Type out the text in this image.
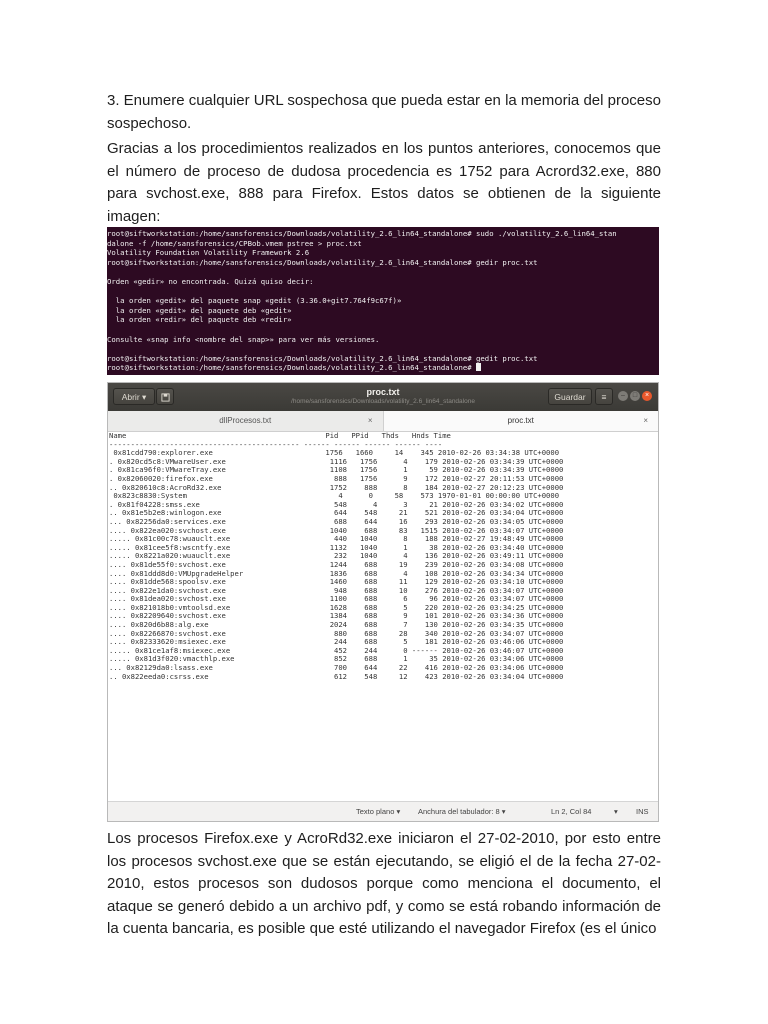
3. Enumere cualquier URL sospechosa que pueda estar en la memoria del proceso sospechoso.

Gracias a los procedimientos realizados en los puntos anteriores, conocemos que el número de proceso de dudosa procedencia es 1752 para Acrord32.exe, 880 para svchost.exe, 888 para Firefox. Estos datos se obtienen de la siguiente imagen:

root@siftworkstation:/home/sansforensics/Downloads/volatility_2.6_lin64_standalone# sudo ./volatility_2.6_lin64_stan
dalone -f /home/sansforensics/CPBob.vmem pstree > proc.txt
Volatility Foundation Volatility Framework 2.6
root@siftworkstation:/home/sansforensics/Downloads/volatility_2.6_lin64_standalone# gedir proc.txt
Orden «gedir» no encontrada. Quizá quiso decir:
la orden «gedit» del paquete snap «gedit (3.36.0+git7.764f9c67f)»
la orden «gedit» del paquete deb «gedit»
la orden «redir» del paquete deb «redir»
Consulte «snap info <nombre del snap>» para ver más versiones.
root@siftworkstation:/home/sansforensics/Downloads/volatility_2.6_lin64_standalone# gedit proc.txt
root@siftworkstation:/home/sansforensics/Downloads/volatility_2.6_lin64_standalone#
Abrir ▾	proc.txt
/home/sansforensics/Downloads/volatility_2.6_lin64_standalone	Guardar	≡	–	□	×
dllProcesos.txt	×	proc.txt	×
Name                                              Pid   PPid   Thds   Hnds Time
-------------------------------------------- ------ ------ ------ ------ ----
0x81cdd790:explorer.exe                          1756   1660     14    345 2010-02-26 03:34:38 UTC+0000
. 0x820cd5c8:VMwareUser.exe                        1116   1756      4    179 2010-02-26 03:34:39 UTC+0000
. 0x81ca96f0:VMwareTray.exe                        1108   1756      1     59 2010-02-26 03:34:39 UTC+0000
. 0x82060020:firefox.exe                            888   1756      9    172 2010-02-27 20:11:53 UTC+0000
.. 0x820610c8:AcroRd32.exe                         1752    888      8    184 2010-02-27 20:12:23 UTC+0000
0x823c8830:System                                   4      0     58    573 1970-01-01 00:00:00 UTC+0000
. 0x81f04228:smss.exe                               548      4      3     21 2010-02-26 03:34:02 UTC+0000
.. 0x81e5b2e8:winlogon.exe                          644    548     21    521 2010-02-26 03:34:04 UTC+0000
... 0x82256da0:services.exe                         688    644     16    293 2010-02-26 03:34:05 UTC+0000
.... 0x822ea020:svchost.exe                        1040    688     83   1515 2010-02-26 03:34:07 UTC+0000
..... 0x81c00c78:wuauclt.exe                        440   1040      8    188 2010-02-27 19:48:49 UTC+0000
..... 0x81cee5f8:wscntfy.exe                       1132   1040      1     38 2010-02-26 03:34:40 UTC+0000
..... 0x8221a020:wuauclt.exe                        232   1040      4    136 2010-02-26 03:49:11 UTC+0000
.... 0x81de55f0:svchost.exe                        1244    688     19    239 2010-02-26 03:34:08 UTC+0000
.... 0x81ddd8d0:VMUpgradeHelper                    1836    688      4    108 2010-02-26 03:34:34 UTC+0000
.... 0x81dde568:spoolsv.exe                        1460    688     11    129 2010-02-26 03:34:10 UTC+0000
.... 0x822e1da0:svchost.exe                         948    688     10    276 2010-02-26 03:34:07 UTC+0000
.... 0x81dea020:svchost.exe                        1100    688      6     96 2010-02-26 03:34:07 UTC+0000
.... 0x821018b0:vmtoolsd.exe                       1628    688      5    220 2010-02-26 03:34:25 UTC+0000
.... 0x82209640:svchost.exe                        1384    688      9    101 2010-02-26 03:34:36 UTC+0000
.... 0x820d6b88:alg.exe                            2024    688      7    130 2010-02-26 03:34:35 UTC+0000
.... 0x82266870:svchost.exe                         880    688     28    340 2010-02-26 03:34:07 UTC+0000
.... 0x82333620:msiexec.exe                         244    688      5    181 2010-02-26 03:46:06 UTC+0000
..... 0x81ce1af8:msiexec.exe                        452    244      0 ------ 2010-02-26 03:46:07 UTC+0000
..... 0x81d3f020:vmacthlp.exe                       852    688      1     35 2010-02-26 03:34:06 UTC+0000
... 0x82129da0:lsass.exe                            700    644     22    416 2010-02-26 03:34:06 UTC+0000
.. 0x822eeda0:csrss.exe                             612    548     12    423 2010-02-26 03:34:04 UTC+0000
Texto plano ▾ Anchura del tabulador: 8 ▾	Ln 2, Col 84	▾ INS

Los procesos Firefox.exe y AcroRd32.exe iniciaron el 27-02-2010, por esto entre los procesos svchost.exe que se están ejecutando, se eligió el de la fecha 27-02-2010, estos procesos son dudosos porque como menciona el documento, el ataque se generó debido a un archivo pdf, y como se está robando información de la cuenta bancaria, es posible que esté utilizando el navegador Firefox (es el único
